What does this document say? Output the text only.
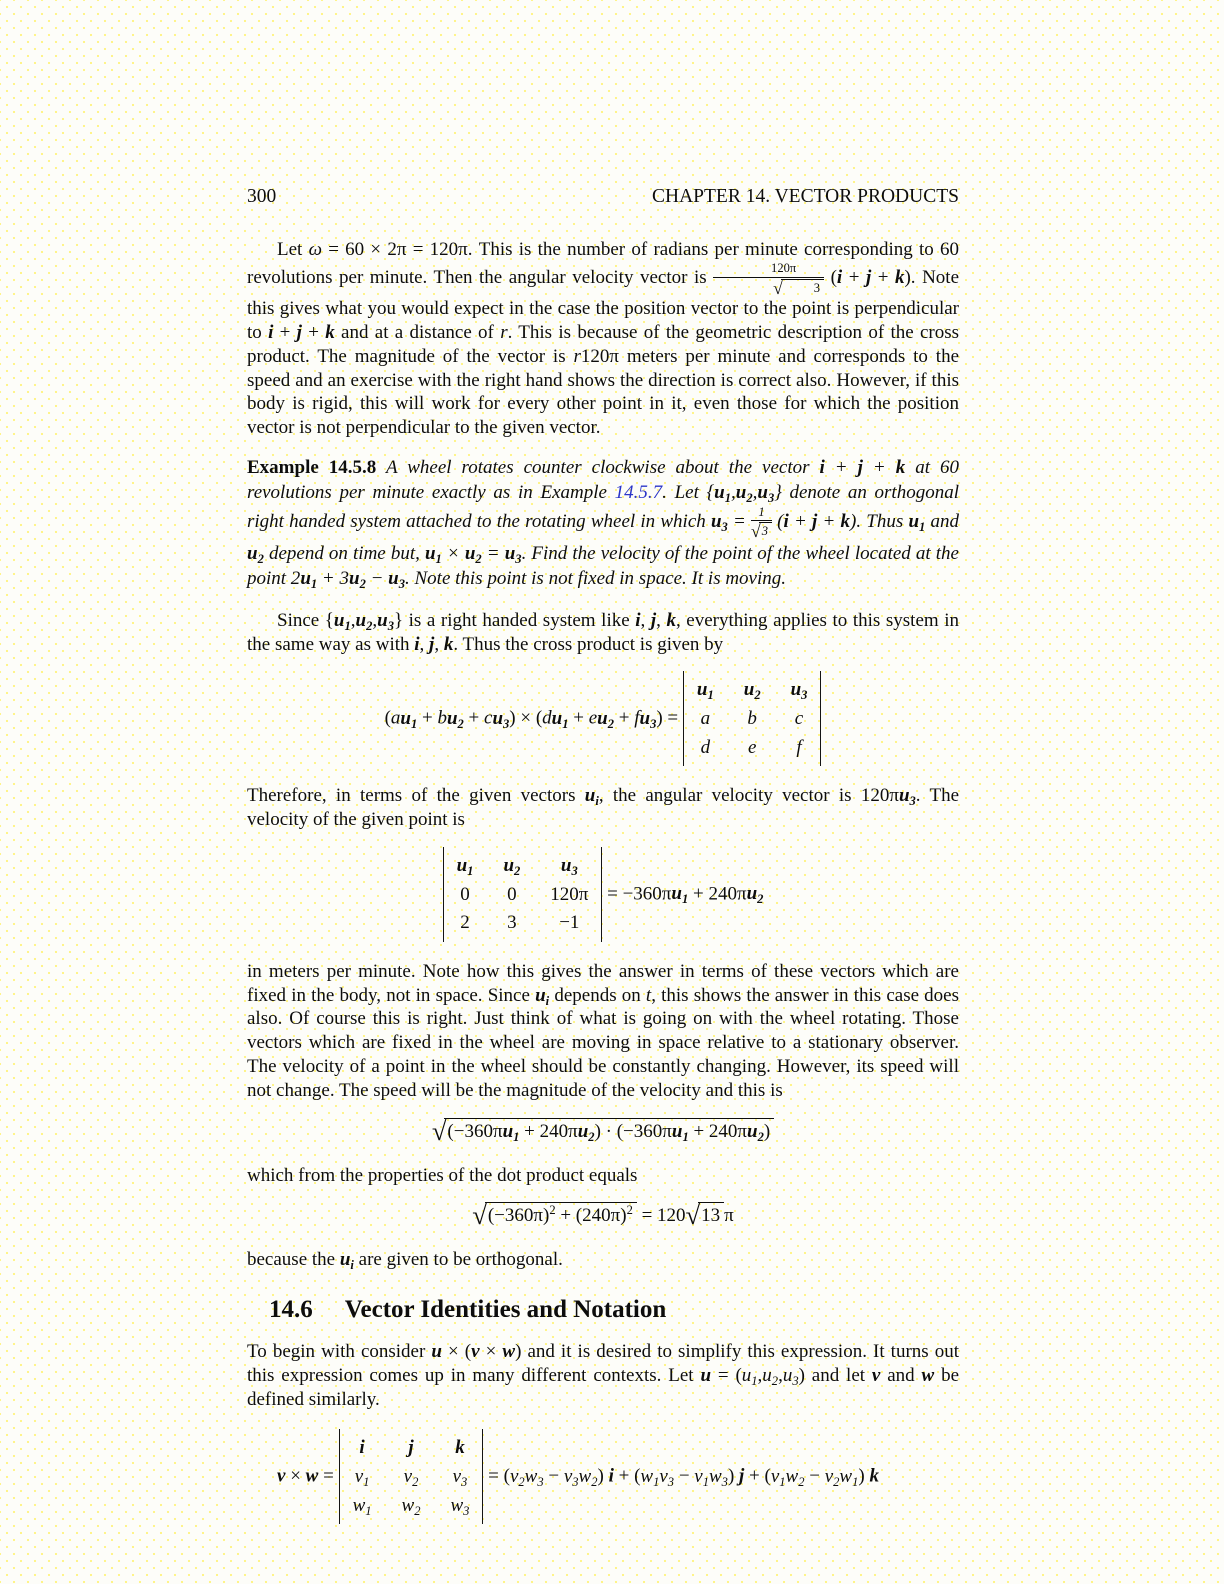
300	CHAPTER 14. VECTOR PRODUCTS

Let ω = 60 × 2π = 120π. This is the number of radians per minute corresponding to 60 revolutions per minute. Then the angular velocity vector is 120π
√	3 (i + j + k). Note this gives what you would expect in the case the position vector to the point is perpendicular to i + j + k and at a distance of r. This is because of the geometric description of the cross product. The magnitude of the vector is r120π meters per minute and corresponds to the speed and an exercise with the right hand shows the direction is correct also. However, if this body is rigid, this will work for every other point in it, even those for which the position vector is not perpendicular to the given vector.

Example 14.5.8 A wheel rotates counter clockwise about the vector i + j + k at 60 revolutions per minute exactly as in Example 14.5.7. Let $\{u_1,u_2,u_3\}$ denote an orthogonal right handed system attached to the rotating wheel in which $u_3 = \frac{1}{√ 3} (i + j + k)$. Thus $u_1$ and $u_2$ depend on time but, $u_1 \times u_2 = u_3$. Find the velocity of the point of the wheel located at the point $2u_1 + 3u_2 - u_3$. Note this point is not fixed in space. It is moving.

Since $\{u_1,u_2,u_3\}$ is a right handed system like i, j, k, everything applies to this system in the same way as with i, j, k. Thus the cross product is given by

$(au_1 + bu_2 + cu_3) \times (du_1 + eu_2 + fu_3)$ =
$u_1$ $u_2$ $u_3$
a b c
d e	f

Therefore, in terms of the given vectors $u_i$, the angular velocity vector is $120\pi u_3$. The velocity of the given point is

$u_1$ $u_2$	$u_3$
0 0 120π
2 3	−1
= $-360\pi u_1 + 240\pi u_2$

in meters per minute. Note how this gives the answer in terms of these vectors which are fixed in the body, not in space. Since $u_i$ depends on t, this shows the answer in this case does also. Of course this is right. Just think of what is going on with the wheel rotating. Those vectors which are fixed in the wheel are moving in space relative to a stationary observer. The velocity of a point in the wheel should be constantly changing. However, its speed will not change. The speed will be the magnitude of the velocity and this is

√ $(-360\pi u_1 + 240\pi u_2) \cdot (-360\pi u_1 + 240\pi u_2)$

which from the properties of the dot product equals

√ $(-360\pi)^2 + (240\pi)^2 = 120$ √ 13 π

because the $u_i$ are given to be orthogonal.

14.6 Vector Identities and Notation

To begin with consider u × (v × w) and it is desired to simplify this expression. It turns out this expression comes up in many different contexts. Let $u = (u_1,u_2,u_3)$ and let v and w be defined similarly.

v × w =
i	j	k
$v_1$ $v_2$ $v_3$
$w_1$ $w_2$ $w_3$
= $(v_2w_3 - v_3w_2) i + (w_1v_3 - v_1w_3) j + (v_1w_2 - v_2w_1)$ k
